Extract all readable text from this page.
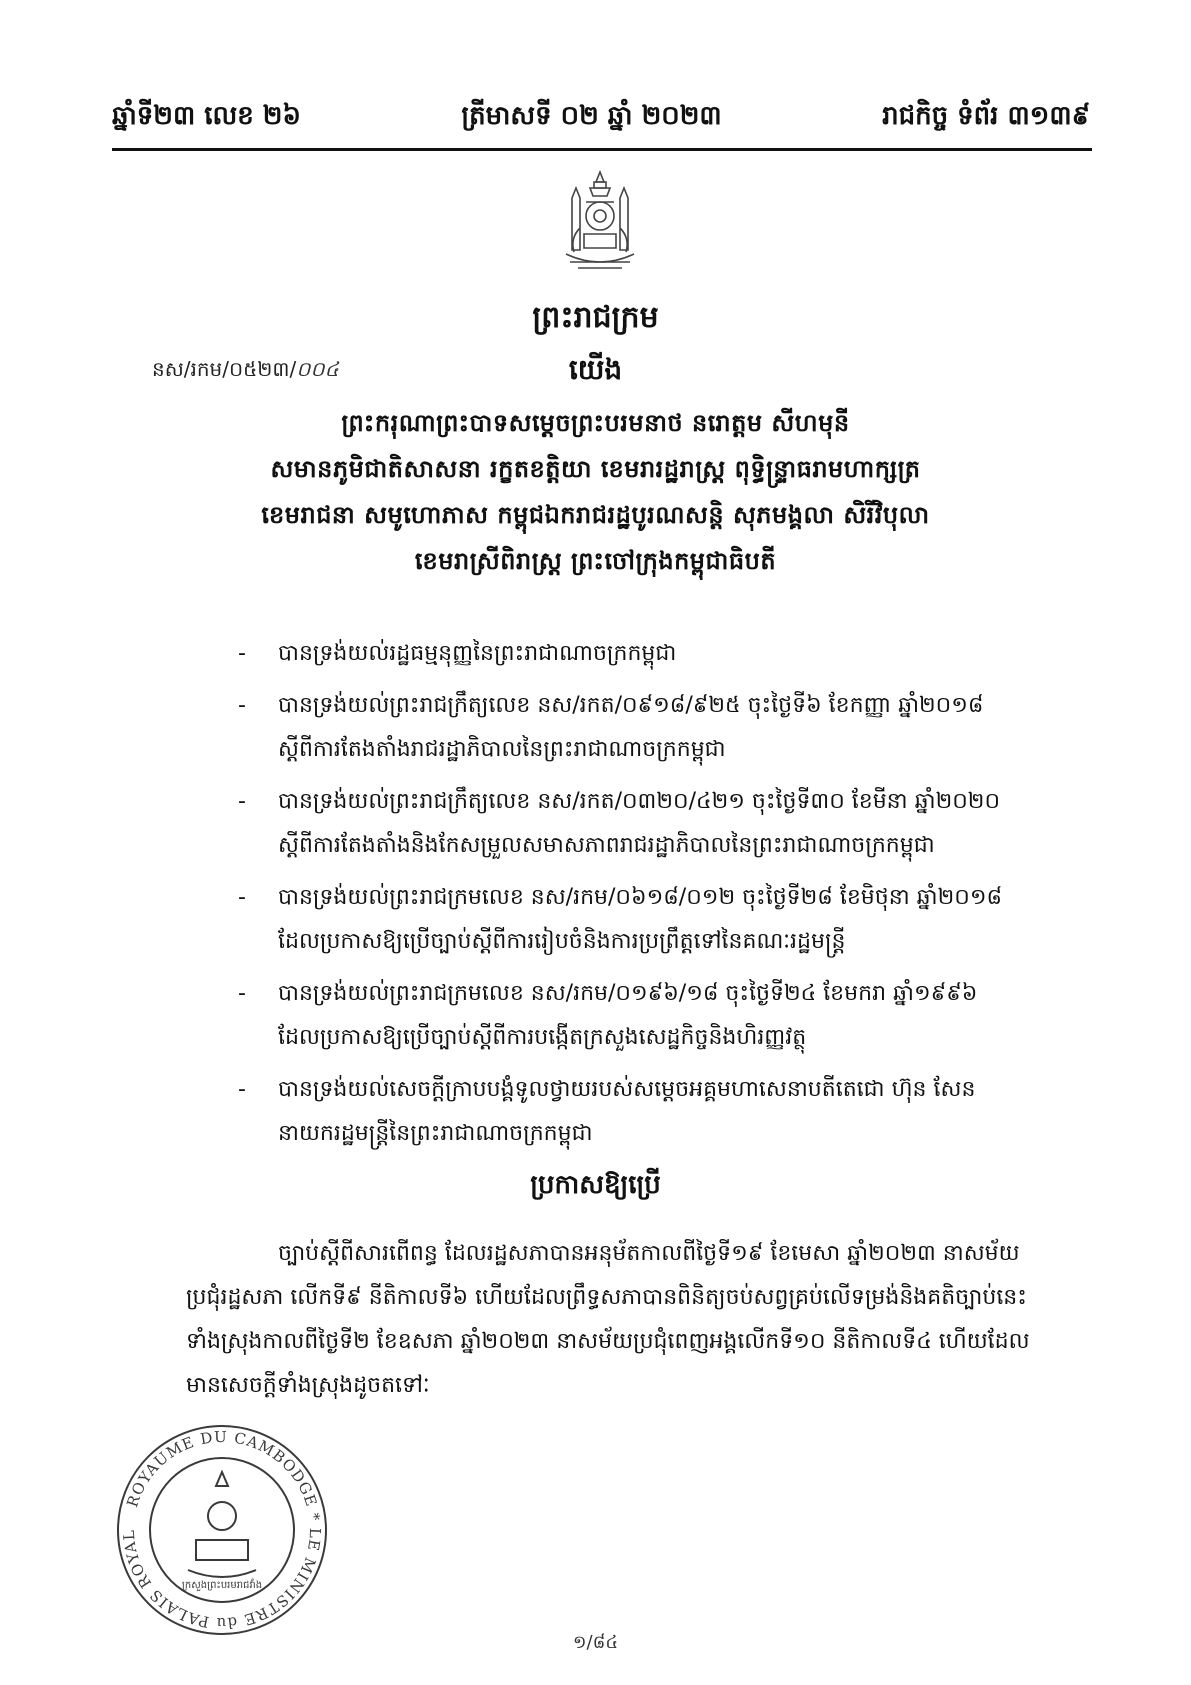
ឆ្នាំទី២៣ លេខ ២៦	ត្រីមាសទី ០២ ឆ្នាំ ២០២៣	រាជកិច្ច ទំព័រ ៣១៣៩
ព្រះរាជក្រម
នស/រកម/០៥២៣/០០៤	យើង
ព្រះករុណាព្រះបាទសម្តេចព្រះបរមនាថ នរោត្តម សីហមុនី
សមានភូមិជាតិសាសនា រក្ខតខត្តិយា ខេមរារដ្ឋរាស្ត្រ ពុទ្ធិន្ទ្រាធរាមហាក្សត្រ
ខេមរាជនា សមូហោភាស កម្ពុជឯករាជរដ្ឋបូរណសន្តិ សុភមង្គលា សិរីវិបុលា
ខេមរាស្រីពិរាស្ត្រ ព្រះចៅក្រុងកម្ពុជាធិបតី
- បានទ្រង់យល់រដ្ឋធម្មនុញ្ញនៃព្រះរាជាណាចក្រកម្ពុជា
- បានទ្រង់យល់ព្រះរាជក្រឹត្យលេខ នស/រកត/០៩១៨/៩២៥ ចុះថ្ងៃទី៦ ខែកញ្ញា ឆ្នាំ២០១៨
ស្តីពីការតែងតាំងរាជរដ្ឋាភិបាលនៃព្រះរាជាណាចក្រកម្ពុជា
- បានទ្រង់យល់ព្រះរាជក្រឹត្យលេខ នស/រកត/០៣២០/៤២១ ចុះថ្ងៃទី៣០ ខែមីនា ឆ្នាំ២០២០
ស្តីពីការតែងតាំងនិងកែសម្រួលសមាសភាពរាជរដ្ឋាភិបាលនៃព្រះរាជាណាចក្រកម្ពុជា
- បានទ្រង់យល់ព្រះរាជក្រមលេខ នស/រកម/០៦១៨/០១២ ចុះថ្ងៃទី២៨ ខែមិថុនា ឆ្នាំ២០១៨
ដែលប្រកាសឱ្យប្រើច្បាប់ស្តីពីការរៀបចំនិងការប្រព្រឹត្តទៅនៃគណៈរដ្ឋមន្ត្រី
- បានទ្រង់យល់ព្រះរាជក្រមលេខ នស/រកម/០១៩៦/១៨ ចុះថ្ងៃទី២៤ ខែមករា ឆ្នាំ១៩៩៦
ដែលប្រកាសឱ្យប្រើច្បាប់ស្តីពីការបង្កើតក្រសួងសេដ្ឋកិច្ចនិងហិរញ្ញវត្ថុ
- បានទ្រង់យល់សេចក្តីក្រាបបង្គំទូលថ្វាយរបស់សម្តេចអគ្គមហាសេនាបតីតេជោ ហ៊ុន សែន
នាយករដ្ឋមន្ត្រីនៃព្រះរាជាណាចក្រកម្ពុជា
ប្រកាសឱ្យប្រើ

ច្បាប់ស្តីពីសារពើពន្ធ ដែលរដ្ឋសភាបានអនុម័តកាលពីថ្ងៃទី១៩ ខែមេសា ឆ្នាំ២០២៣ នាសម័យប្រជុំរដ្ឋសភា លើកទី៩ នីតិកាលទី៦ ហើយដែលព្រឹទ្ធសភាបានពិនិត្យចប់សព្វគ្រប់លើទម្រង់និងគតិច្បាប់នេះទាំងស្រុងកាលពីថ្ងៃទី២ ខែឧសភា ឆ្នាំ២០២៣ នាសម័យប្រជុំពេញអង្គលើកទី១០ នីតិកាលទី៤ ហើយដែលមានសេចក្តីទាំងស្រុងដូចតទៅៈ

ROYAUME DU CAMBODGE * LE MINISTRE du PALAIS ROYAL
ក្រសួងព្រះបរមរាជវាំង
១/៨៤
